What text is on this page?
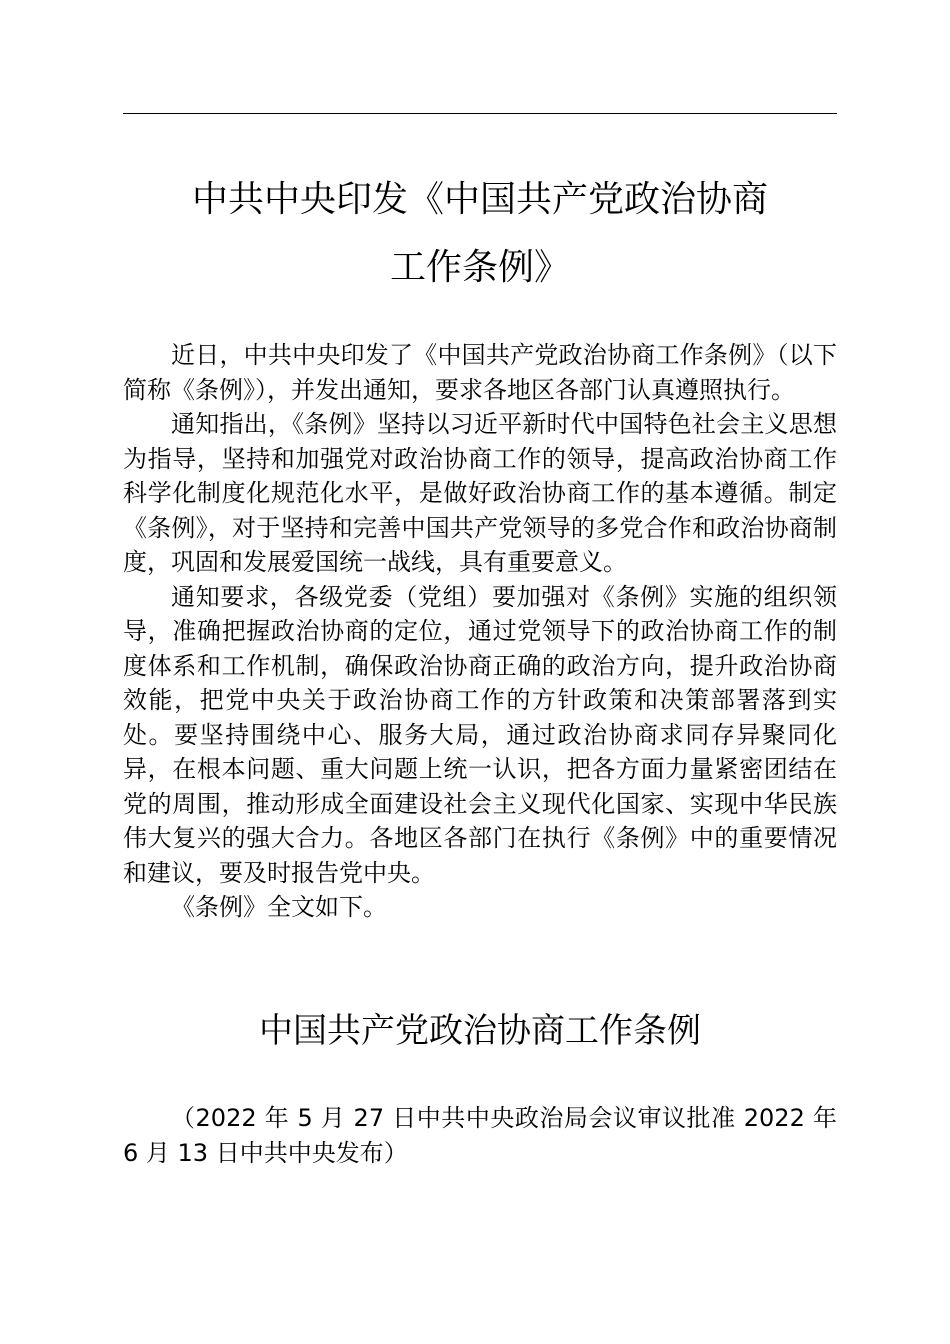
中共中央印发《中国共产党政治协商
工作条例》

近日，中共中央印发了《中国共产党政治协商工作条例》（以下简称《条例》），并发出通知，要求各地区各部门认真遵照执行。

通知指出，《条例》坚持以习近平新时代中国特色社会主义思想为指导，坚持和加强党对政治协商工作的领导，提高政治协商工作科学化制度化规范化水平，是做好政治协商工作的基本遵循。制定《条例》，对于坚持和完善中国共产党领导的多党合作和政治协商制度，巩固和发展爱国统一战线，具有重要意义。

通知要求，各级党委（党组）要加强对《条例》实施的组织领导，准确把握政治协商的定位，通过党领导下的政治协商工作的制度体系和工作机制，确保政治协商正确的政治方向，提升政治协商效能，把党中央关于政治协商工作的方针政策和决策部署落到实处。要坚持围绕中心、服务大局，通过政治协商求同存异聚同化异，在根本问题、重大问题上统一认识，把各方面力量紧密团结在党的周围，推动形成全面建设社会主义现代化国家、实现中华民族伟大复兴的强大合力。各地区各部门在执行《条例》中的重要情况和建议，要及时报告党中央。

《条例》全文如下。

中国共产党政治协商工作条例

（2022 年 5 月 27 日中共中央政治局会议审议批准 2022 年 6 月 13 日中共中央发布）
